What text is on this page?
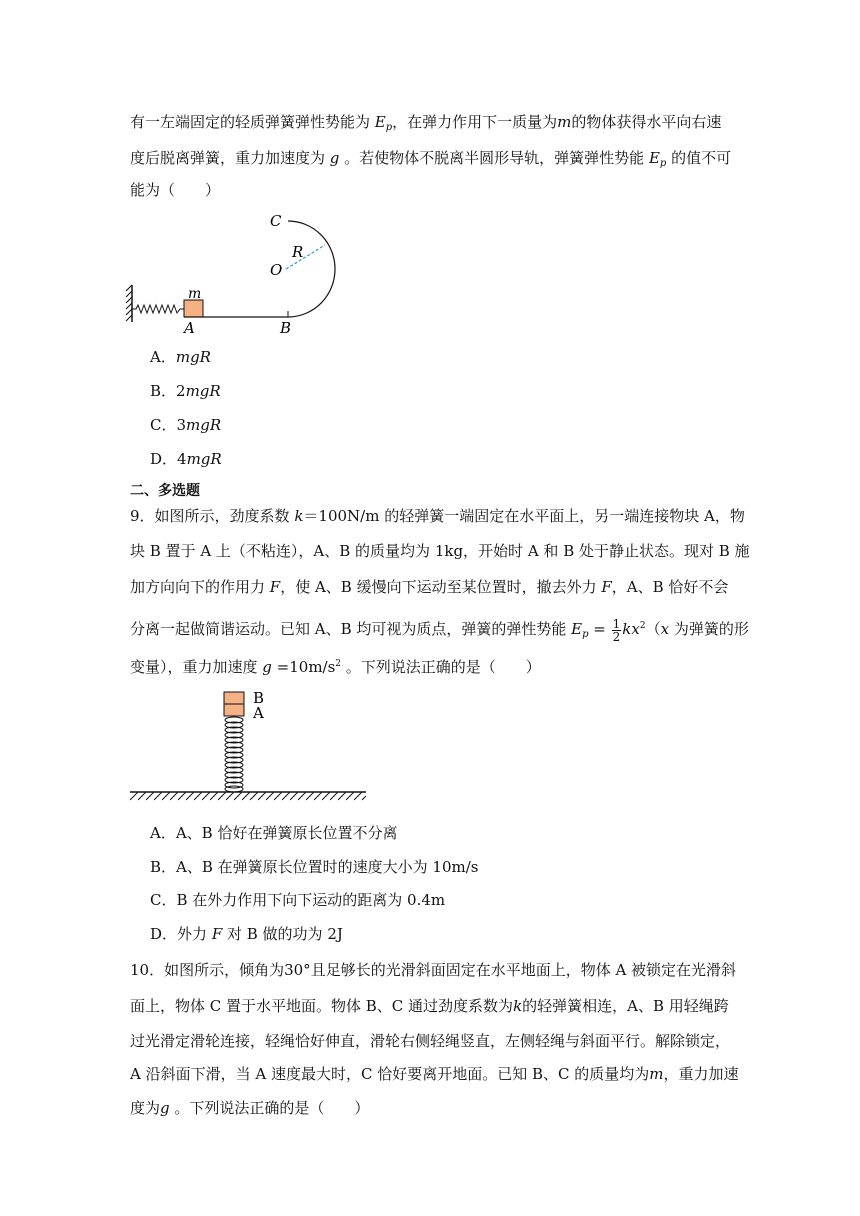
有一左端固定的轻质弹簧弹性势能为 $E_p$，在弹力作用下一质量为m的物体获得水平向右速
度后脱离弹簧，重力加速度为 g 。若使物体不脱离半圆形导轨，弹簧弹性势能 $E_p$ 的值不可
能为（　　）
C
R
O
m
A	B
A．mgR
B．2mgR
C．3mgR
D．4mgR
二、多选题
9．如图所示，劲度系数 k＝100N/m 的轻弹簧一端固定在水平面上，另一端连接物块 A，物
块 B 置于 A 上（不粘连），A、B 的质量均为 1kg，开始时 A 和 B 处于静止状态。现对 B 施
加方向向下的作用力 F，使 A、B 缓慢向下运动至某位置时，撤去外力 F，A、B 恰好不会
分离一起做简谐运动。已知 A、B 均可视为质点，弹簧的弹性势能 $E_p = \frac{1}{2} kx^2(x$ 为弹簧的形
变量），重力加速度 $g =10m/s^2$ 。下列说法正确的是（　　）
B
A
A．A、B 恰好在弹簧原长位置不分离
B．A、B 在弹簧原长位置时的速度大小为 10m/s
C．B 在外力作用下向下运动的距离为 0.4m
D．外力 F 对 B 做的功为 2J
10．如图所示，倾角为30°且足够长的光滑斜面固定在水平地面上，物体 A 被锁定在光滑斜
面上，物体 C 置于水平地面。物体 B、C 通过劲度系数为k的轻弹簧相连，A、B 用轻绳跨
过光滑定滑轮连接，轻绳恰好伸直，滑轮右侧轻绳竖直，左侧轻绳与斜面平行。解除锁定，
A 沿斜面下滑，当 A 速度最大时，C 恰好要离开地面。已知 B、C 的质量均为m，重力加速
度为g 。下列说法正确的是（　　）
